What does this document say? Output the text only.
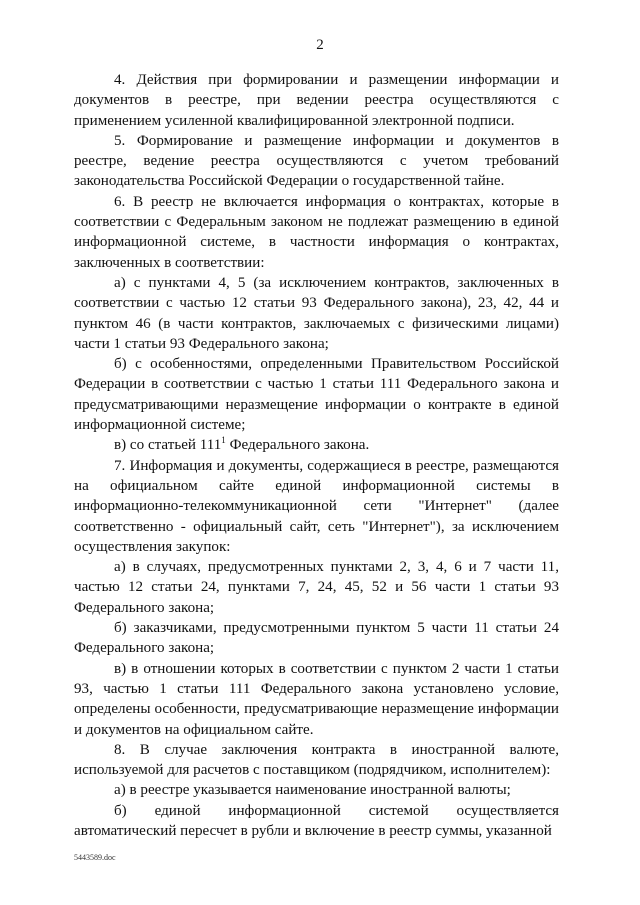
2

4. Действия при формировании и размещении информации и документов в реестре, при ведении реестра осуществляются с применением усиленной квалифицированной электронной подписи.

5. Формирование и размещение информации и документов в реестре, ведение реестра осуществляются с учетом требований законодательства Российской Федерации о государственной тайне.

6. В реестр не включается информация о контрактах, которые в соответствии с Федеральным законом не подлежат размещению в единой информационной системе, в частности информация о контрактах, заключенных в соответствии:

а) с пунктами 4, 5 (за исключением контрактов, заключенных в соответствии с частью 12 статьи 93 Федерального закона), 23, 42, 44 и пунктом 46 (в части контрактов, заключаемых с физическими лицами) части 1 статьи 93 Федерального закона;

б) с особенностями, определенными Правительством Российской Федерации в соответствии с частью 1 статьи 111 Федерального закона и предусматривающими неразмещение информации о контракте в единой информационной системе;

в) со статьей $111^1$ Федерального закона.

7. Информация и документы, содержащиеся в реестре, размещаются на официальном сайте единой информационной системы в информационно-телекоммуникационной сети "Интернет" (далее соответственно - официальный сайт, сеть "Интернет"), за исключением осуществления закупок:

а) в случаях, предусмотренных пунктами 2, 3, 4, 6 и 7 части 11, частью 12 статьи 24, пунктами 7, 24, 45, 52 и 56 части 1 статьи 93 Федерального закона;

б) заказчиками, предусмотренными пунктом 5 части 11 статьи 24 Федерального закона;

в) в отношении которых в соответствии с пунктом 2 части 1 статьи 93, частью 1 статьи 111 Федерального закона установлено условие, определены особенности, предусматривающие неразмещение информации и документов на официальном сайте.

8. В случае заключения контракта в иностранной валюте, используемой для расчетов с поставщиком (подрядчиком, исполнителем):

а) в реестре указывается наименование иностранной валюты;

б) единой информационной системой осуществляется автоматический пересчет в рубли и включение в реестр суммы, указанной

5443589.doc
